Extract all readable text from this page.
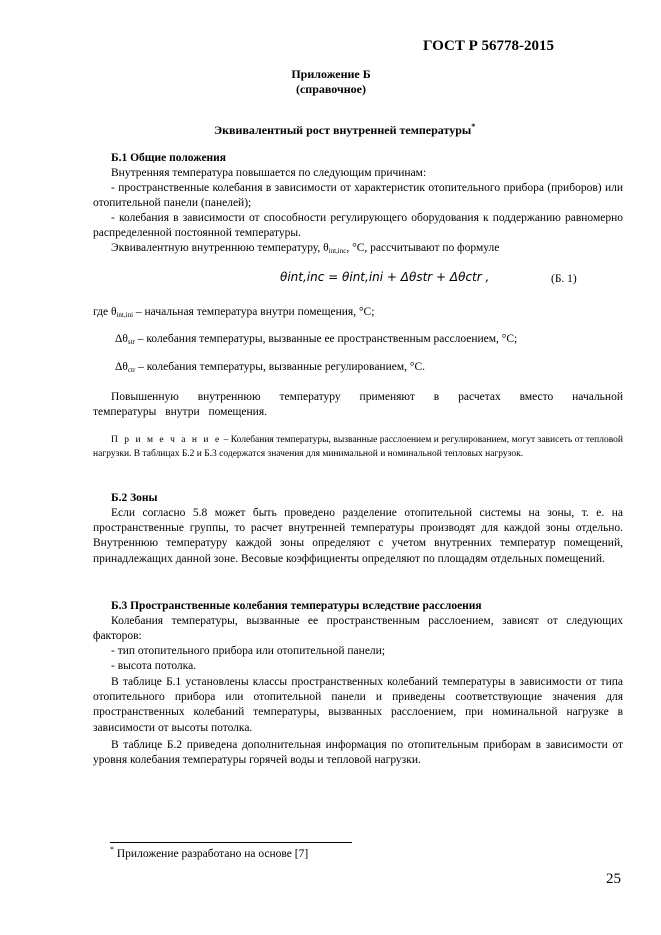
ГОСТ Р 56778-2015
Приложение Б
(справочное)
Эквивалентный рост внутренней температуры*
Б.1 Общие положения
Внутренняя температура повышается по следующим причинам:
- пространственные колебания в зависимости от характеристик отопительного прибора (приборов) или отопительной панели (панелей);
- колебания в зависимости от способности регулирующего оборудования к поддержанию равномерно распределенной постоянной температуры.
Эквивалентную внутреннюю температуру, $\theta_{int,inc}$, °С, рассчитывают по формуле
θint,inc = θint,ini + Δθstr + Δθctr ,	(Б. 1)
где $\theta_{int,ini}$ – начальная температура внутри помещения, °С;
$\Delta\theta_{str}$ – колебания температуры, вызванные ее пространственным расслоением, °С;
$\Delta\theta_{ctr}$ – колебания температуры, вызванные регулированием, °С.
Повышенную внутреннюю температуру применяют в расчетах вместо начальной температуры внутри помещения.
П р и м е ч а н и е – Колебания температуры, вызванные расслоением и регулированием, могут зависеть от тепловой нагрузки. В таблицах Б.2 и Б.3 содержатся значения для минимальной и номинальной тепловых нагрузок.
Б.2 Зоны
Если согласно 5.8 может быть проведено разделение отопительной системы на зоны, т. е. на пространственные группы, то расчет внутренней температуры производят для каждой зоны отдельно. Внутреннюю температуру каждой зоны определяют с учетом внутренних температур помещений, принадлежащих данной зоне. Весовые коэффициенты определяют по площадям отдельных помещений.
Б.3 Пространственные колебания температуры вследствие расслоения
Колебания температуры, вызванные ее пространственным расслоением, зависят от следующих факторов:
- тип отопительного прибора или отопительной панели;
- высота потолка.
В таблице Б.1 установлены классы пространственных колебаний температуры в зависимости от типа отопительного прибора или отопительной панели и приведены соответствующие значения для пространственных колебаний температуры, вызванных расслоением, при номинальной нагрузке в зависимости от высоты потолка.
В таблице Б.2 приведена дополнительная информация по отопительным приборам в зависимости от уровня колебания температуры горячей воды и тепловой нагрузки.
* Приложение разработано на основе [7]
25
